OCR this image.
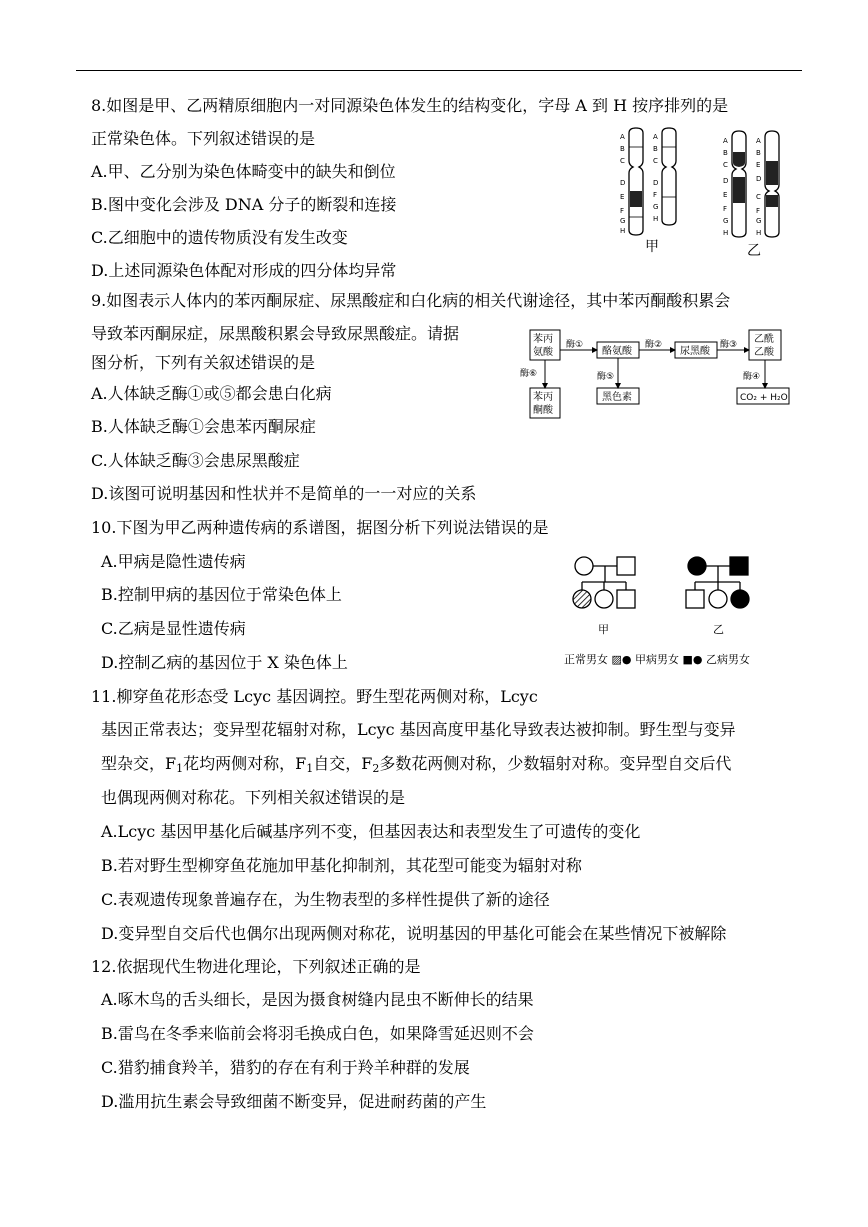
8.如图是甲、乙两精原细胞内一对同源染色体发生的结构变化，字母 A 到 H 按序排列的是
正常染色体。下列叙述错误的是
A.甲、乙分别为染色体畸变中的缺失和倒位
B.图中变化会涉及 DNA 分子的断裂和连接
C.乙细胞中的遗传物质没有发生改变
D.上述同源染色体配对形成的四分体均异常
A
B
C
D
E
F
G
H
A
B
C
D
F
G
H
A
B
C
D
E
F
G
H
A
B
E
D
C
F
G
H
甲	乙
9.如图表示人体内的苯丙酮尿症、尿黑酸症和白化病的相关代谢途径，其中苯丙酮酸积累会
导致苯丙酮尿症，尿黑酸积累会导致尿黑酸症。请据
图分析，下列有关叙述错误的是
A.人体缺乏酶①或⑤都会患白化病
B.人体缺乏酶①会患苯丙酮尿症
C.人体缺乏酶③会患尿黑酸症
D.该图可说明基因和性状并不是简单的一一对应的关系
苯丙
氨酸	酪氨酸	尿黑酸
乙酰
乙酸
苯丙
酮酸
黑色素	CO₂ + H₂O
酶①	酶②	酶③
酶④
酶⑤
酶⑥
10.下图为甲乙两种遗传病的系谱图，据图分析下列说法错误的是
A.甲病是隐性遗传病
B.控制甲病的基因位于常染色体上
C.乙病是显性遗传病
D.控制乙病的基因位于 X 染色体上
甲	乙
正常男女 ▨● 甲病男女 ■● 乙病男女
11.柳穿鱼花形态受 Lcyc 基因调控。野生型花两侧对称，Lcyc
基因正常表达；变异型花辐射对称，Lcyc 基因高度甲基化导致表达被抑制。野生型与变异
型杂交，$F_1$花均两侧对称，$F_1$自交，$F_2$多数花两侧对称，少数辐射对称。变异型自交后代
也偶现两侧对称花。下列相关叙述错误的是
A.Lcyc 基因甲基化后碱基序列不变，但基因表达和表型发生了可遗传的变化
B.若对野生型柳穿鱼花施加甲基化抑制剂，其花型可能变为辐射对称
C.表观遗传现象普遍存在，为生物表型的多样性提供了新的途径
D.变异型自交后代也偶尔出现两侧对称花，说明基因的甲基化可能会在某些情况下被解除
12.依据现代生物进化理论，下列叙述正确的是
A.啄木鸟的舌头细长，是因为摄食树缝内昆虫不断伸长的结果
B.雷鸟在冬季来临前会将羽毛换成白色，如果降雪延迟则不会
C.猎豹捕食羚羊，猎豹的存在有利于羚羊种群的发展
D.滥用抗生素会导致细菌不断变异，促进耐药菌的产生
